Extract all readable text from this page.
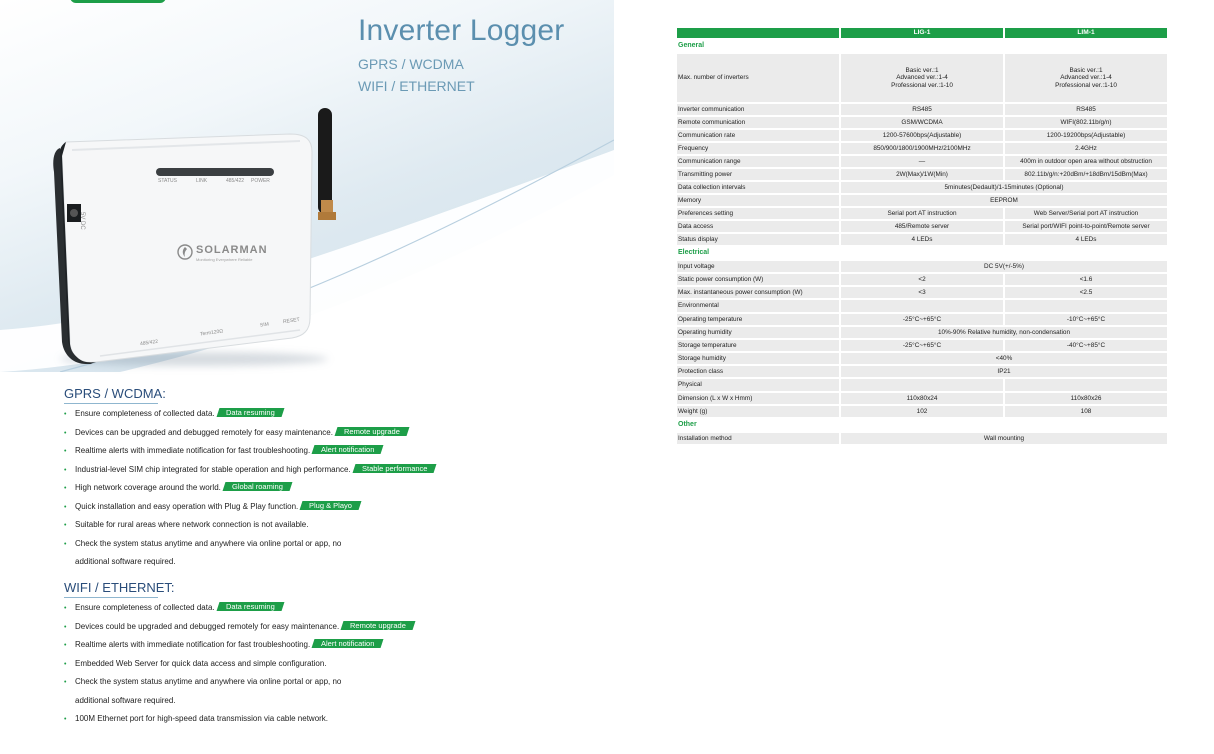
Inverter Logger
GPRS / WCDMA
WIFI / ETHERNET
STATUS	LINK	485/422 POWER
5V DC
SOLARMAN
Monitoring Everywhere Reliable
485/422
Term120Ω
SIM	RESET
GPRS / WCDMA:
• Ensure completeness of collected data. Data resuming
• Devices can be upgraded and debugged remotely for easy maintenance. Remote upgrade
• Realtime alerts with immediate notification for fast troubleshooting. Alert notification
• Industrial-level SIM chip integrated for stable operation and high performance. Stable performance
• High network coverage around the world. Global roaming
• Quick installation and easy operation with Plug & Play function. Plug & Playo
• Suitable for rural areas where network connection is not available.
• Check the system status anytime and anywhere via online portal or app, no
additional software required.
WIFI / ETHERNET:
• Ensure completeness of collected data. Data resuming
• Devices could be upgraded and debugged remotely for easy maintenance. Remote upgrade
• Realtime alerts with immediate notification for fast troubleshooting. Alert notification
• Embedded Web Server for quick data access and simple configuration.
• Check the system status anytime and anywhere via online portal or app, no
additional software required.
• 100M Ethernet port for high-speed data transmission via cable network.
	LIG-1	LIM-1
General		
Max. number of inverters	Basic ver.:1
Advanced ver.:1-4
Professional ver.:1-10	Basic ver.:1
Advanced ver.:1-4
Professional ver.:1-10
Inverter communication	RS485	RS485
Remote communication	GSM/WCDMA	WIFI(802.11b/g/n)
Communication rate	1200-57600bps(Adjustable)	1200-19200bps(Adjustable)
Frequency	850/900/1800/1900MHz/2100MHz	2.4GHz
Communication range	—	400m in outdoor open area without obstruction
Transmitting power	2W(Max)/1W(Min)	802.11b/g/n:+20dBm/+18dBm/15dBm(Max)
Data collection intervals	5minutes(Dedault)/1-15minutes (Optional)	
Memory	EEPROM	
Preferences setting	Serial port AT instruction	Web Server/Serial port AT instruction
Data access	485/Remote server	Serial port/WIFI point-to-point/Remote server
Status display	4 LEDs	4 LEDs
Electrical		
Input voltage	DC 5V(+/-5%)	
Static power consumption (W)	<2	<1.6
Max. instantaneous power consumption (W)	<3	<2.5
Environmental		
Operating temperature	-25°C~+65°C	-10°C~+65°C
Operating humidity	10%-90% Relative humidity, non-condensation	
Storage temperature	-25°C~+65°C	-40°C~+85°C
Storage humidity	<40%	
Protection class	IP21	
Physical		
Dimension (L x W x Hmm)	110x80x24	110x80x26
Weight (g)	102	108
Other		
Installation method	Wall mounting	
